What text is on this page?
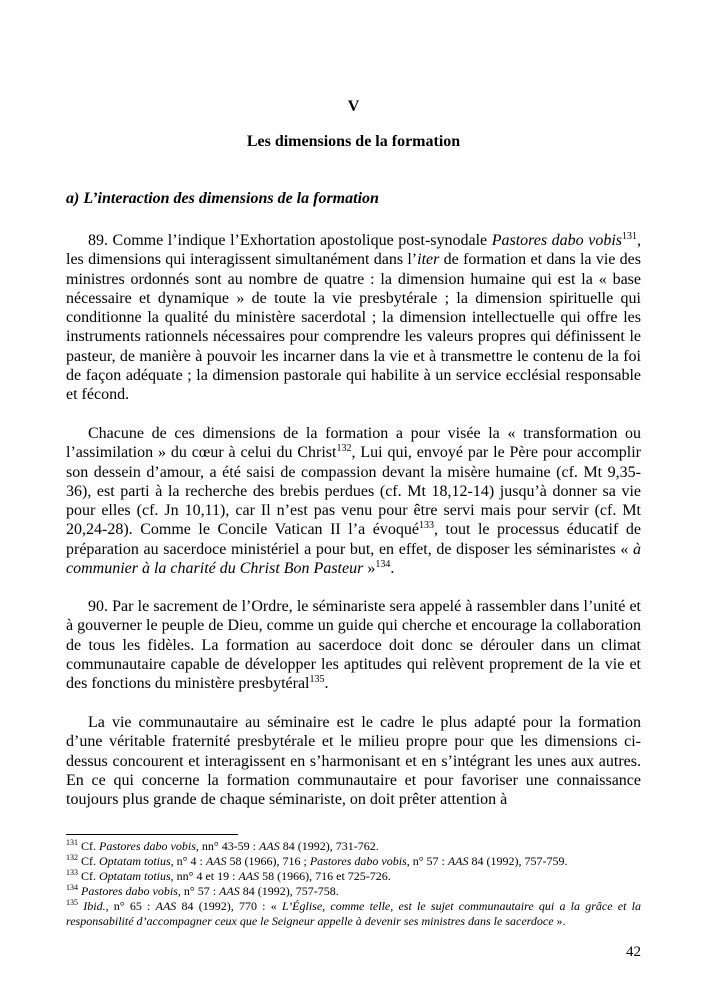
V
Les dimensions de la formation
a) L’interaction des dimensions de la formation

89. Comme l’indique l’Exhortation apostolique post-synodale Pastores dabo vobis$^{131}$, les dimensions qui interagissent simultanément dans l’iter de formation et dans la vie des ministres ordonnés sont au nombre de quatre : la dimension humaine qui est la « base nécessaire et dynamique » de toute la vie presbytérale ; la dimension spirituelle qui conditionne la qualité du ministère sacerdotal ; la dimension intellectuelle qui offre les instruments rationnels nécessaires pour comprendre les valeurs propres qui définissent le pasteur, de manière à pouvoir les incarner dans la vie et à transmettre le contenu de la foi de façon adéquate ; la dimension pastorale qui habilite à un service ecclésial responsable et fécond.

Chacune de ces dimensions de la formation a pour visée la « transformation ou l’assimilation » du cœur à celui du Christ$^{132}$, Lui qui, envoyé par le Père pour accomplir son dessein d’amour, a été saisi de compassion devant la misère humaine (cf. Mt 9,35-36), est parti à la recherche des brebis perdues (cf. Mt 18,12-14) jusqu’à donner sa vie pour elles (cf. Jn 10,11), car Il n’est pas venu pour être servi mais pour servir (cf. Mt 20,24-28). Comme le Concile Vatican II l’a évoqué$^{133}$, tout le processus éducatif de préparation au sacerdoce ministériel a pour but, en effet, de disposer les séminaristes « à communier à la charité du Christ Bon Pasteur »$^{134}$.

90. Par le sacrement de l’Ordre, le séminariste sera appelé à rassembler dans l’unité et à gouverner le peuple de Dieu, comme un guide qui cherche et encourage la collaboration de tous les fidèles. La formation au sacerdoce doit donc se dérouler dans un climat communautaire capable de développer les aptitudes qui relèvent proprement de la vie et des fonctions du ministère presbytéral$^{135}$.

La vie communautaire au séminaire est le cadre le plus adapté pour la formation d’une véritable fraternité presbytérale et le milieu propre pour que les dimensions ci-dessus concourent et interagissent en s’harmonisant et en s’intégrant les unes aux autres. En ce qui concerne la formation communautaire et pour favoriser une connaissance toujours plus grande de chaque séminariste, on doit prêter attention à

$^{131}$ Cf. Pastores dabo vobis, nn° 43-59 : AAS 84 (1992), 731-762.

$^{132}$ Cf. Optatam totius, n° 4 : AAS 58 (1966), 716 ; Pastores dabo vobis, n° 57 : AAS 84 (1992), 757-759.

$^{133}$ Cf. Optatam totius, nn° 4 et 19 : AAS 58 (1966), 716 et 725-726.

$^{134}$ Pastores dabo vobis, n° 57 : AAS 84 (1992), 757-758.

$^{135}$ Ibid., n° 65 : AAS 84 (1992), 770 : « L’Église, comme telle, est le sujet communautaire qui a la grâce et la responsabilité d’accompagner ceux que le Seigneur appelle à devenir ses ministres dans le sacerdoce ».

42
